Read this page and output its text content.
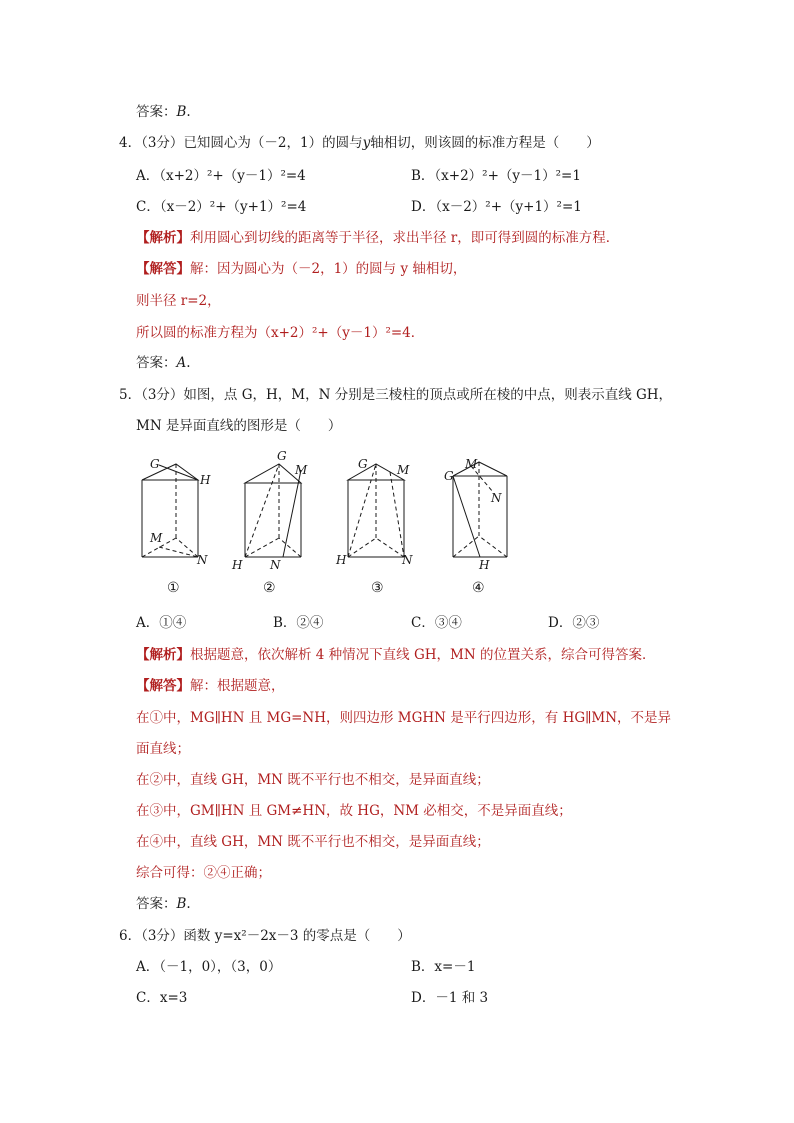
答案：B.
4．（3分）已知圆心为（－2，1）的圆与y轴相切，则该圆的标准方程是（　　）
A．（x+2）²+（y－1）²=4	B．（x+2）²+（y－1）²=1
C．（x－2）²+（y+1）²=4	D．（x－2）²+（y+1）²=1
【解析】利用圆心到切线的距离等于半径，求出半径 r，即可得到圆的标准方程．
【解答】解：因为圆心为（－2，1）的圆与 y 轴相切，
则半径 r=2，
所以圆的标准方程为（x+2）²+（y－1）²=4．
答案：A.
5．（3分）如图，点 G，H，M，N 分别是三棱柱的顶点或所在棱的中点，则表示直线 GH，
MN 是异面直线的图形是（　　）
G
H
M
N
①
G
M
H N
②
G M
H	N
③
G
M
N
H
④
A．①④	B．②④	C．③④	D．②③
【解析】根据题意，依次解析 4 种情况下直线 GH，MN 的位置关系，综合可得答案．
【解答】解：根据题意，
在①中，MG∥HN 且 MG=NH，则四边形 MGHN 是平行四边形，有 HG∥MN，不是异
面直线；
在②中，直线 GH，MN 既不平行也不相交，是异面直线；
在③中，GM∥HN 且 GM≠HN，故 HG，NM 必相交，不是异面直线；
在④中，直线 GH，MN 既不平行也不相交，是异面直线；
综合可得：②④正确；
答案：B.
6．（3分）函数 y=x²－2x－3 的零点是（　　）
A．（－1，0），（3，0）	B．x=－1
C．x=3	D．－1 和 3
